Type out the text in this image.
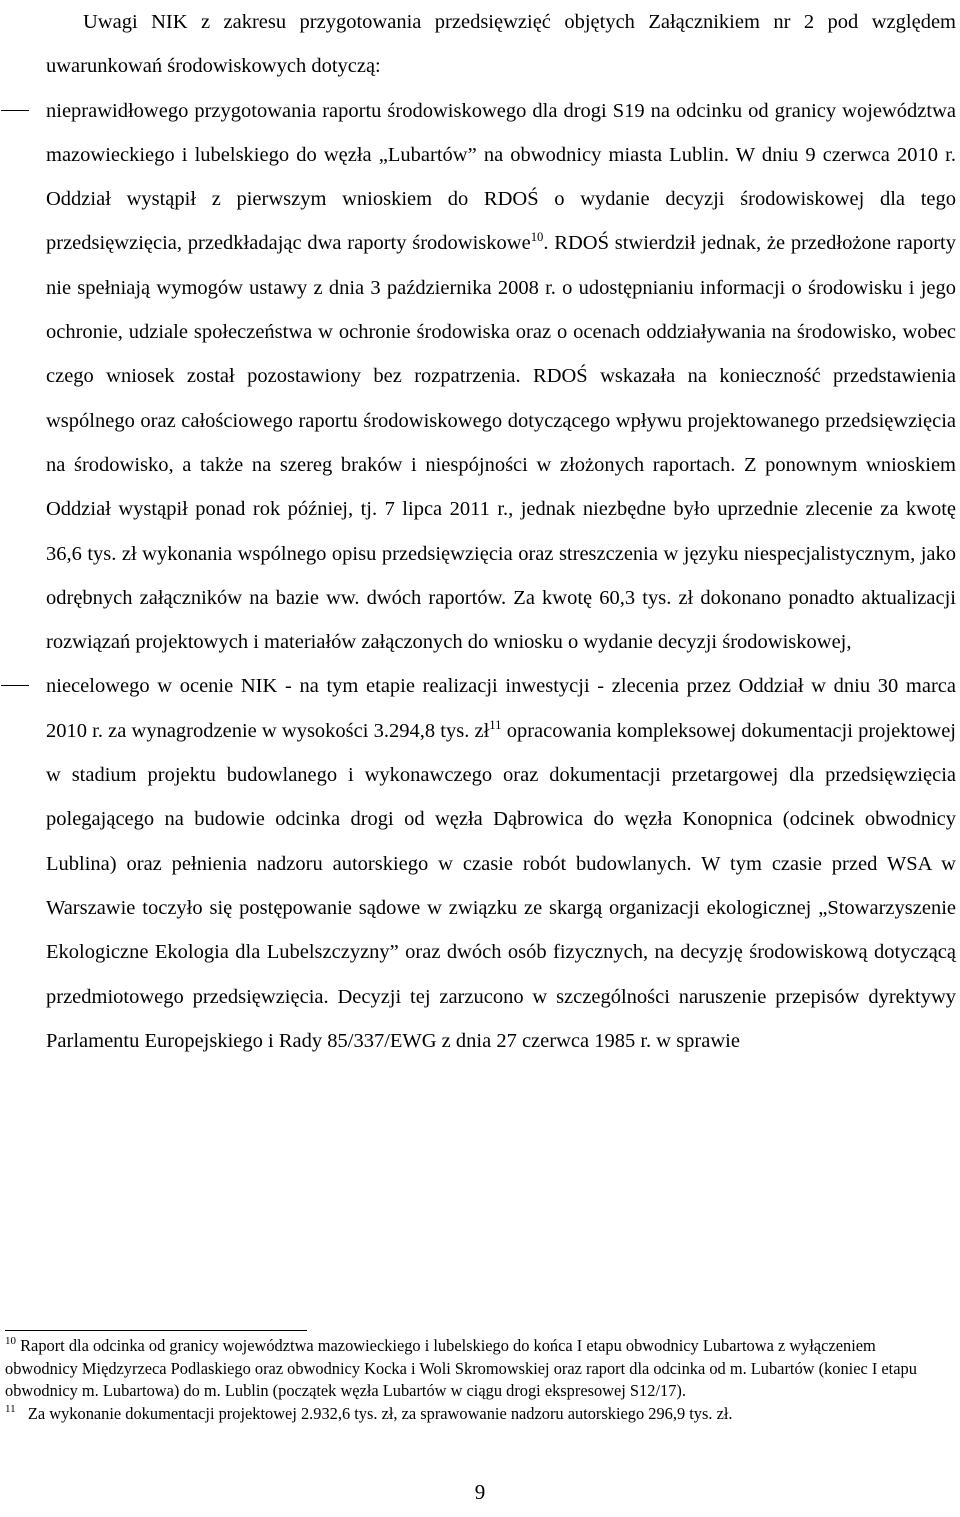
Uwagi NIK z zakresu przygotowania przedsięwzięć objętych Załącznikiem nr 2 pod względem uwarunkowań środowiskowych dotyczą:

nieprawidłowego przygotowania raportu środowiskowego dla drogi S19 na odcinku od granicy województwa mazowieckiego i lubelskiego do węzła „Lubartów” na obwodnicy miasta Lublin. W dniu 9 czerwca 2010 r. Oddział wystąpił z pierwszym wnioskiem do RDOŚ o wydanie decyzji środowiskowej dla tego przedsięwzięcia, przedkładając dwa raporty środowiskowe$^{10}$. RDOŚ stwierdził jednak, że przedłożone raporty nie spełniają wymogów ustawy z dnia 3 października 2008 r. o udostępnianiu informacji o środowisku i jego ochronie, udziale społeczeństwa w ochronie środowiska oraz o ocenach oddziaływania na środowisko, wobec czego wniosek został pozostawiony bez rozpatrzenia. RDOŚ wskazała na konieczność przedstawienia wspólnego oraz całościowego raportu środowiskowego dotyczącego wpływu projektowanego przedsięwzięcia na środowisko, a także na szereg braków i niespójności w złożonych raportach. Z ponownym wnioskiem Oddział wystąpił ponad rok później, tj. 7 lipca 2011 r., jednak niezbędne było uprzednie zlecenie za kwotę 36,6 tys. zł wykonania wspólnego opisu przedsięwzięcia oraz streszczenia w języku niespecjalistycznym, jako odrębnych załączników na bazie ww. dwóch raportów. Za kwotę 60,3 tys. zł dokonano ponadto aktualizacji rozwiązań projektowych i materiałów załączonych do wniosku o wydanie decyzji środowiskowej,

niecelowego w ocenie NIK - na tym etapie realizacji inwestycji - zlecenia przez Oddział w dniu 30 marca 2010 r. za wynagrodzenie w wysokości 3.294,8 tys. $zł^{11}$ opracowania kompleksowej dokumentacji projektowej w stadium projektu budowlanego i wykonawczego oraz dokumentacji przetargowej dla przedsięwzięcia polegającego na budowie odcinka drogi od węzła Dąbrowica do węzła Konopnica (odcinek obwodnicy Lublina) oraz pełnienia nadzoru autorskiego w czasie robót budowlanych. W tym czasie przed WSA w Warszawie toczyło się postępowanie sądowe w związku ze skargą organizacji ekologicznej „Stowarzyszenie Ekologiczne Ekologia dla Lubelszczyzny” oraz dwóch osób fizycznych, na decyzję środowiskową dotyczącą przedmiotowego przedsięwzięcia. Decyzji tej zarzucono w szczególności naruszenie przepisów dyrektywy Parlamentu Europejskiego i Rady 85/337/EWG z dnia 27 czerwca 1985 r. w sprawie

$^{10}$ Raport dla odcinka od granicy województwa mazowieckiego i lubelskiego do końca I etapu obwodnicy Lubartowa z wyłączeniem obwodnicy Międzyrzeca Podlaskiego oraz obwodnicy Kocka i Woli Skromowskiej oraz raport dla odcinka od m. Lubartów (koniec I etapu obwodnicy m. Lubartowa) do m. Lublin (początek węzła Lubartów w ciągu drogi ekspresowej S12/17).

$^{11}$ Za wykonanie dokumentacji projektowej 2.932,6 tys. zł, za sprawowanie nadzoru autorskiego 296,9 tys. zł.

9
